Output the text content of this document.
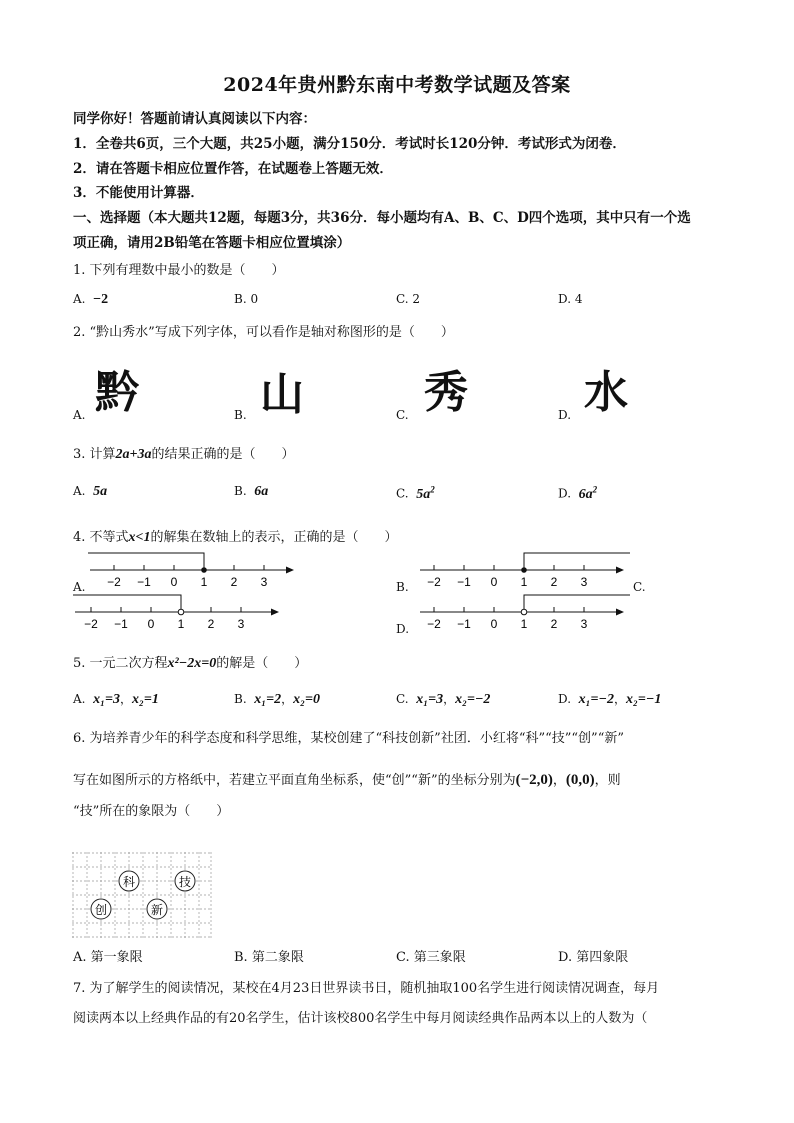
2024年贵州黔东南中考数学试题及答案
同学你好！答题前请认真阅读以下内容：
1．全卷共6页，三个大题，共25小题，满分150分．考试时长120分钟．考试形式为闭卷．
2．请在答题卡相应位置作答，在试题卷上答题无效．
3．不能使用计算器．
一、选择题（本大题共12题，每题3分，共36分．每小题均有A、B、C、D四个选项，其中只有一个选
项正确，请用2B铅笔在答题卡相应位置填涂）
1. 下列有理数中最小的数是（　　）
A. −2	B. 0	C. 2	D. 4
2. “黔山秀水”写成下列字体，可以看作是轴对称图形的是（　　）
A. 黔	B. 山	C. 秀	D. 水
3. 计算2a+3a的结果正确的是（　　）
A. 5a	B. 6a	C. $5a^2$	D. $6a^2$
4. 不等式x<1的解集在数轴上的表示，正确的是（　　）
A.	B.	C.
D.
−2 −1 0 1 2 3	−2 −1 0 1 2 3
−2 −1 0 1 2 3	−2 −1 0 1 2 3
5. 一元二次方程x²−2x=0的解是（　　）
A. x₁=3，x₂=1	B. x₁=2，x₂=0	C. x₁=3，x₂=−2	D. x₁=−2，x₂=−1
6. 为培养青少年的科学态度和科学思维，某校创建了“科技创新”社团．小红将“科”“技”“创”“新”
写在如图所示的方格纸中，若建立平面直角坐标系，使“创”“新”的坐标分别为(−2,0)，(0,0)，则
“技”所在的象限为（　　）
科	技
创	新
A. 第一象限	B. 第二象限	C. 第三象限	D. 第四象限
7. 为了解学生的阅读情况，某校在4月23日世界读书日，随机抽取100名学生进行阅读情况调查，每月
阅读两本以上经典作品的有20名学生，估计该校800名学生中每月阅读经典作品两本以上的人数为（
